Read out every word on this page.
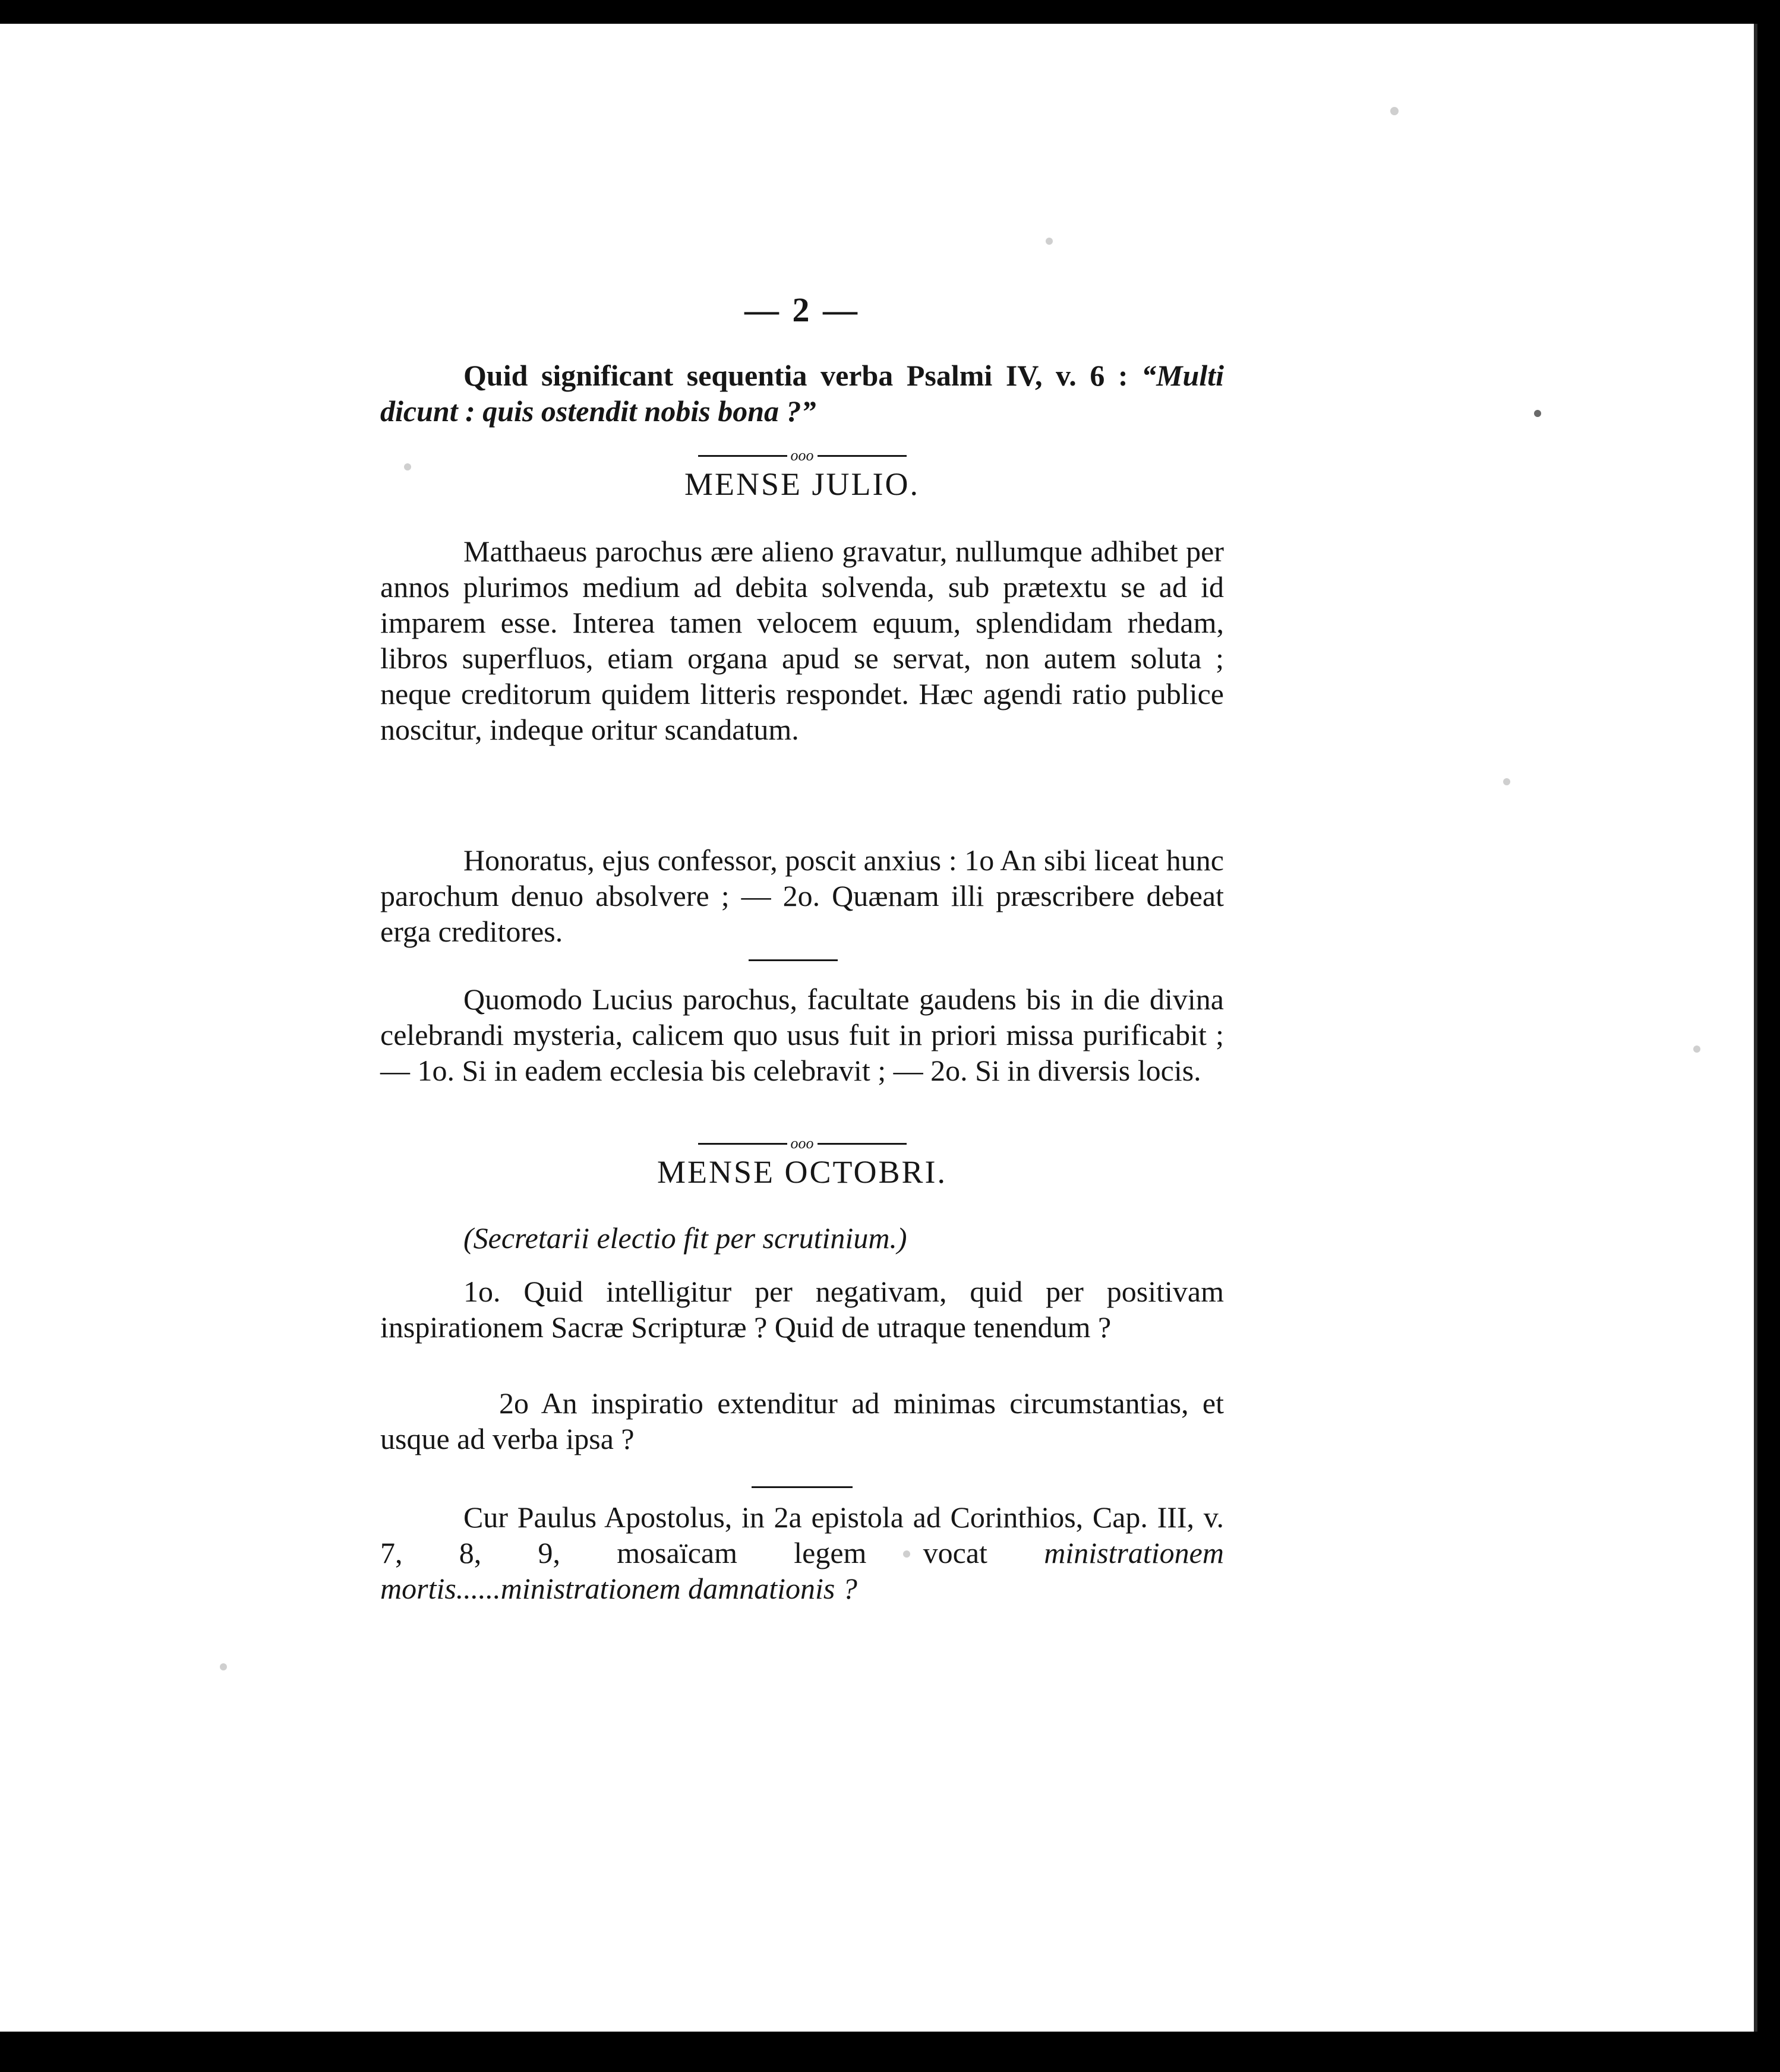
— 2 —
Quid significant sequentia verba Psalmi IV, v. 6 : “Multi dicunt : quis ostendit nobis bona ?”
ooo
MENSE JULIO.
Matthaeus parochus ære alieno gravatur, nullumque adhibet per annos plurimos medium ad debita solvenda, sub prætextu se ad id imparem esse. Interea tamen velocem equum, splendidam rhedam, libros superfluos, etiam organa apud se servat, non autem soluta ; neque creditorum quidem litteris respondet. Hæc agendi ratio publice noscitur, indeque oritur scandatum.
Honoratus, ejus confessor, poscit anxius : 1o An sibi liceat hunc parochum denuo absolvere ; — 2o. Quænam illi præscribere debeat erga creditores.
Quomodo Lucius parochus, facultate gaudens bis in die divina celebrandi mysteria, calicem quo usus fuit in priori missa purificabit ; — 1o. Si in eadem ecclesia bis celebravit ; — 2o. Si in diversis locis.
ooo
MENSE OCTOBRI.
(Secretarii electio fit per scrutinium.)
1o. Quid intelligitur per negativam, quid per positivam inspirationem Sacræ Scripturæ ? Quid de utraque tenendum ?
2o An inspiratio extenditur ad minimas circumstantias, et usque ad verba ipsa ?
Cur Paulus Apostolus, in 2a epistola ad Corinthios, Cap. III, v. 7, 8, 9, mosaïcam legem vocat ministrationem mortis......ministrationem damnationis ?
